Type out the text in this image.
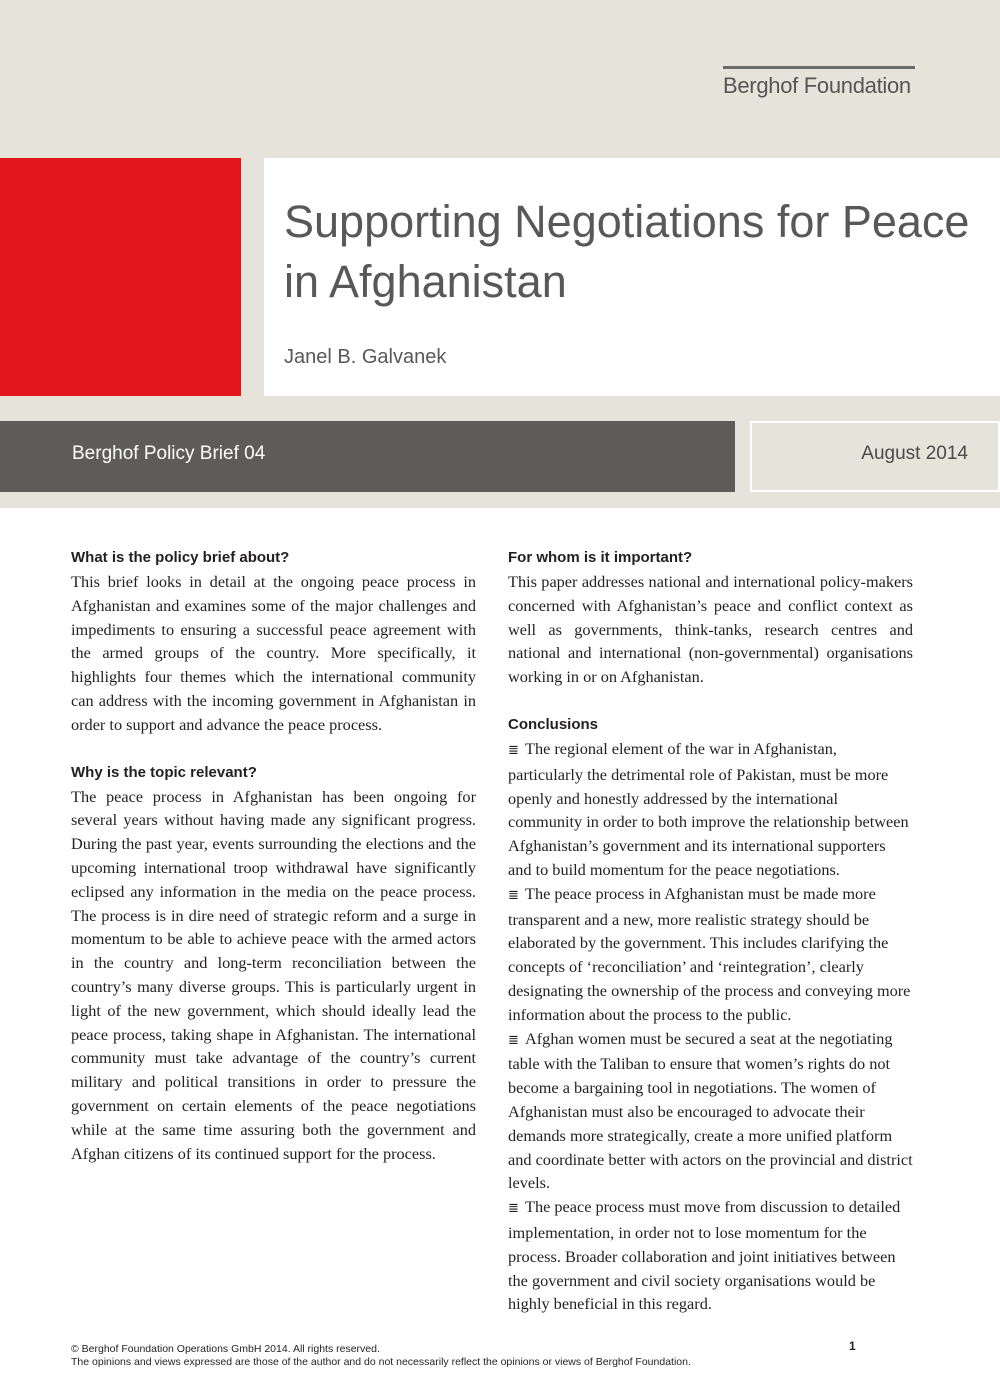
Berghof Foundation
Supporting Negotiations for Peace in Afghanistan
Janel B. Galvanek
Berghof Policy Brief 04	August 2014
What is the policy brief about?

This brief looks in detail at the ongoing peace process in Afghanistan and examines some of the major challenges and impediments to ensuring a successful peace agreement with the armed groups of the country. More specifically, it highlights four themes which the international community can address with the incoming government in Afghanistan in order to support and advance the peace process.

Why is the topic relevant?

The peace process in Afghanistan has been ongoing for several years without having made any significant progress. During the past year, events surrounding the elections and the upcoming international troop withdrawal have significantly eclipsed any information in the media on the peace process. The process is in dire need of strategic reform and a surge in momentum to be able to achieve peace with the armed actors in the country and long-term reconciliation between the country’s many diverse groups. This is particularly urgent in light of the new government, which should ideally lead the peace process, taking shape in Afghanistan. The international community must take advantage of the country’s current military and political transitions in order to pressure the government on certain elements of the peace negotiations while at the same time assuring both the government and Afghan citizens of its continued support for the process.

For whom is it important?

This paper addresses national and international policy-makers concerned with Afghanistan’s peace and conflict context as well as governments, think-tanks, research centres and national and international (non-governmental) organisations working in or on Afghanistan.

Conclusions

≣ The regional element of the war in Afghanistan, particularly the detrimental role of Pakistan, must be more openly and honestly addressed by the international community in order to both improve the relationship between Afghanistan’s government and its international supporters and to build momentum for the peace negotiations.

≣ The peace process in Afghanistan must be made more transparent and a new, more realistic strategy should be elaborated by the government. This includes clarifying the concepts of ‘reconciliation’ and ‘reintegration’, clearly designating the ownership of the process and conveying more information about the process to the public.

≣ Afghan women must be secured a seat at the negotiating table with the Taliban to ensure that women’s rights do not become a bargaining tool in negotiations. The women of Afghanistan must also be encouraged to advocate their demands more strategically, create a more unified platform and coordinate better with actors on the provincial and district levels.

≣ The peace process must move from discussion to detailed implementation, in order not to lose momentum for the process. Broader collaboration and joint initiatives between the government and civil society organisations would be highly beneficial in this regard.

© Berghof Foundation Operations GmbH 2014. All rights reserved.
The opinions and views expressed are those of the author and do not necessarily reflect the opinions or views of Berghof Foundation.
1
